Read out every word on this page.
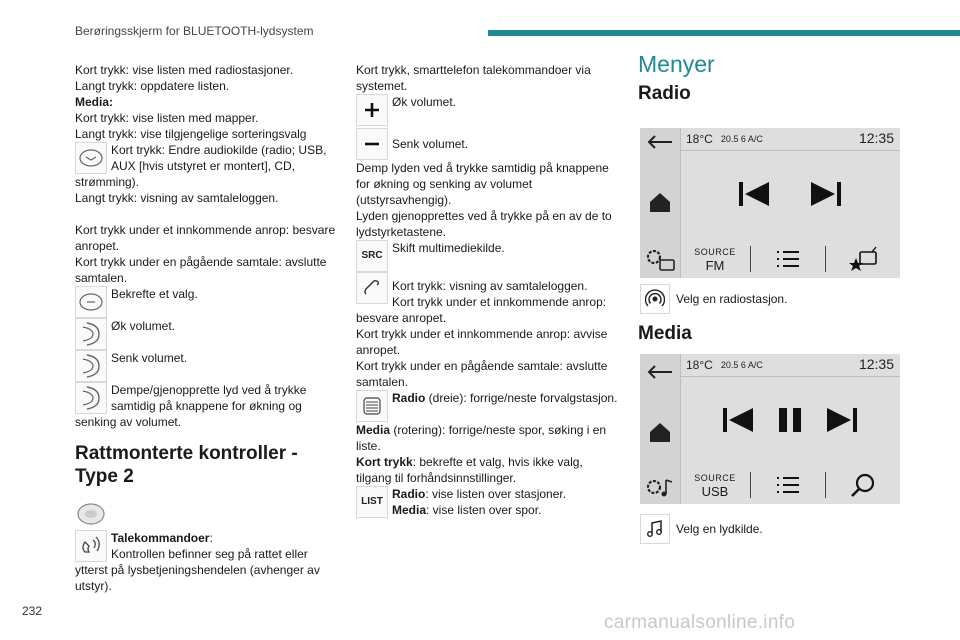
Berøringsskjerm for BLUETOOTH-lydsystem

Kort trykk: vise listen med radiostasjoner.

Langt trykk: oppdatere listen.

Media:

Kort trykk: vise listen med mapper.

Langt trykk: vise tilgjengelige sorteringsvalg

Kort trykk: Endre audiokilde (radio; USB, AUX [hvis utstyret er montert], CD, strømming).

Langt trykk: visning av samtaleloggen.

Kort trykk under et innkommende anrop: besvare anropet.

Kort trykk under en pågående samtale: avslutte samtalen.

Bekrefte et valg.

Øk volumet.

Senk volumet.

Dempe/gjenopprette lyd ved å trykke samtidig på knappene for økning og senking av volumet.

Rattmonterte kontroller - Type 2

Talekommandoer:

Kontrollen befinner seg på rattet eller ytterst på lysbetjeningshendelen (avhenger av utstyr).

Kort trykk, smarttelefon talekommandoer via systemet.

Øk volumet.

Senk volumet.

Demp lyden ved å trykke samtidig på knappene for økning og senking av volumet (utstyrsavhengig).

Lyden gjenopprettes ved å trykke på en av de to lydstyrketastene.

SRC

Skift multimediekilde.

Kort trykk: visning av samtaleloggen.

Kort trykk under et innkommende anrop: besvare anropet.

Kort trykk under et innkommende anrop: avvise anropet.

Kort trykk under en pågående samtale: avslutte samtalen.

Radio (dreie): forrige/neste forvalgstasjon.

Media (rotering): forrige/neste spor, søking i en liste.

Kort trykk: bekrefte et valg, hvis ikke valg, tilgang til forhåndsinnstillinger.

LIST

Radio: vise listen over stasjoner.

Media: vise listen over spor.

Menyer
Radio
18°C 20.5 6 A/C	12:35
SOURCE
FM
Velg en radiostasjon.
Media
18°C 20.5 6 A/C	12:35
SOURCE
USB
Velg en lydkilde.
232
carmanualsonline.info
